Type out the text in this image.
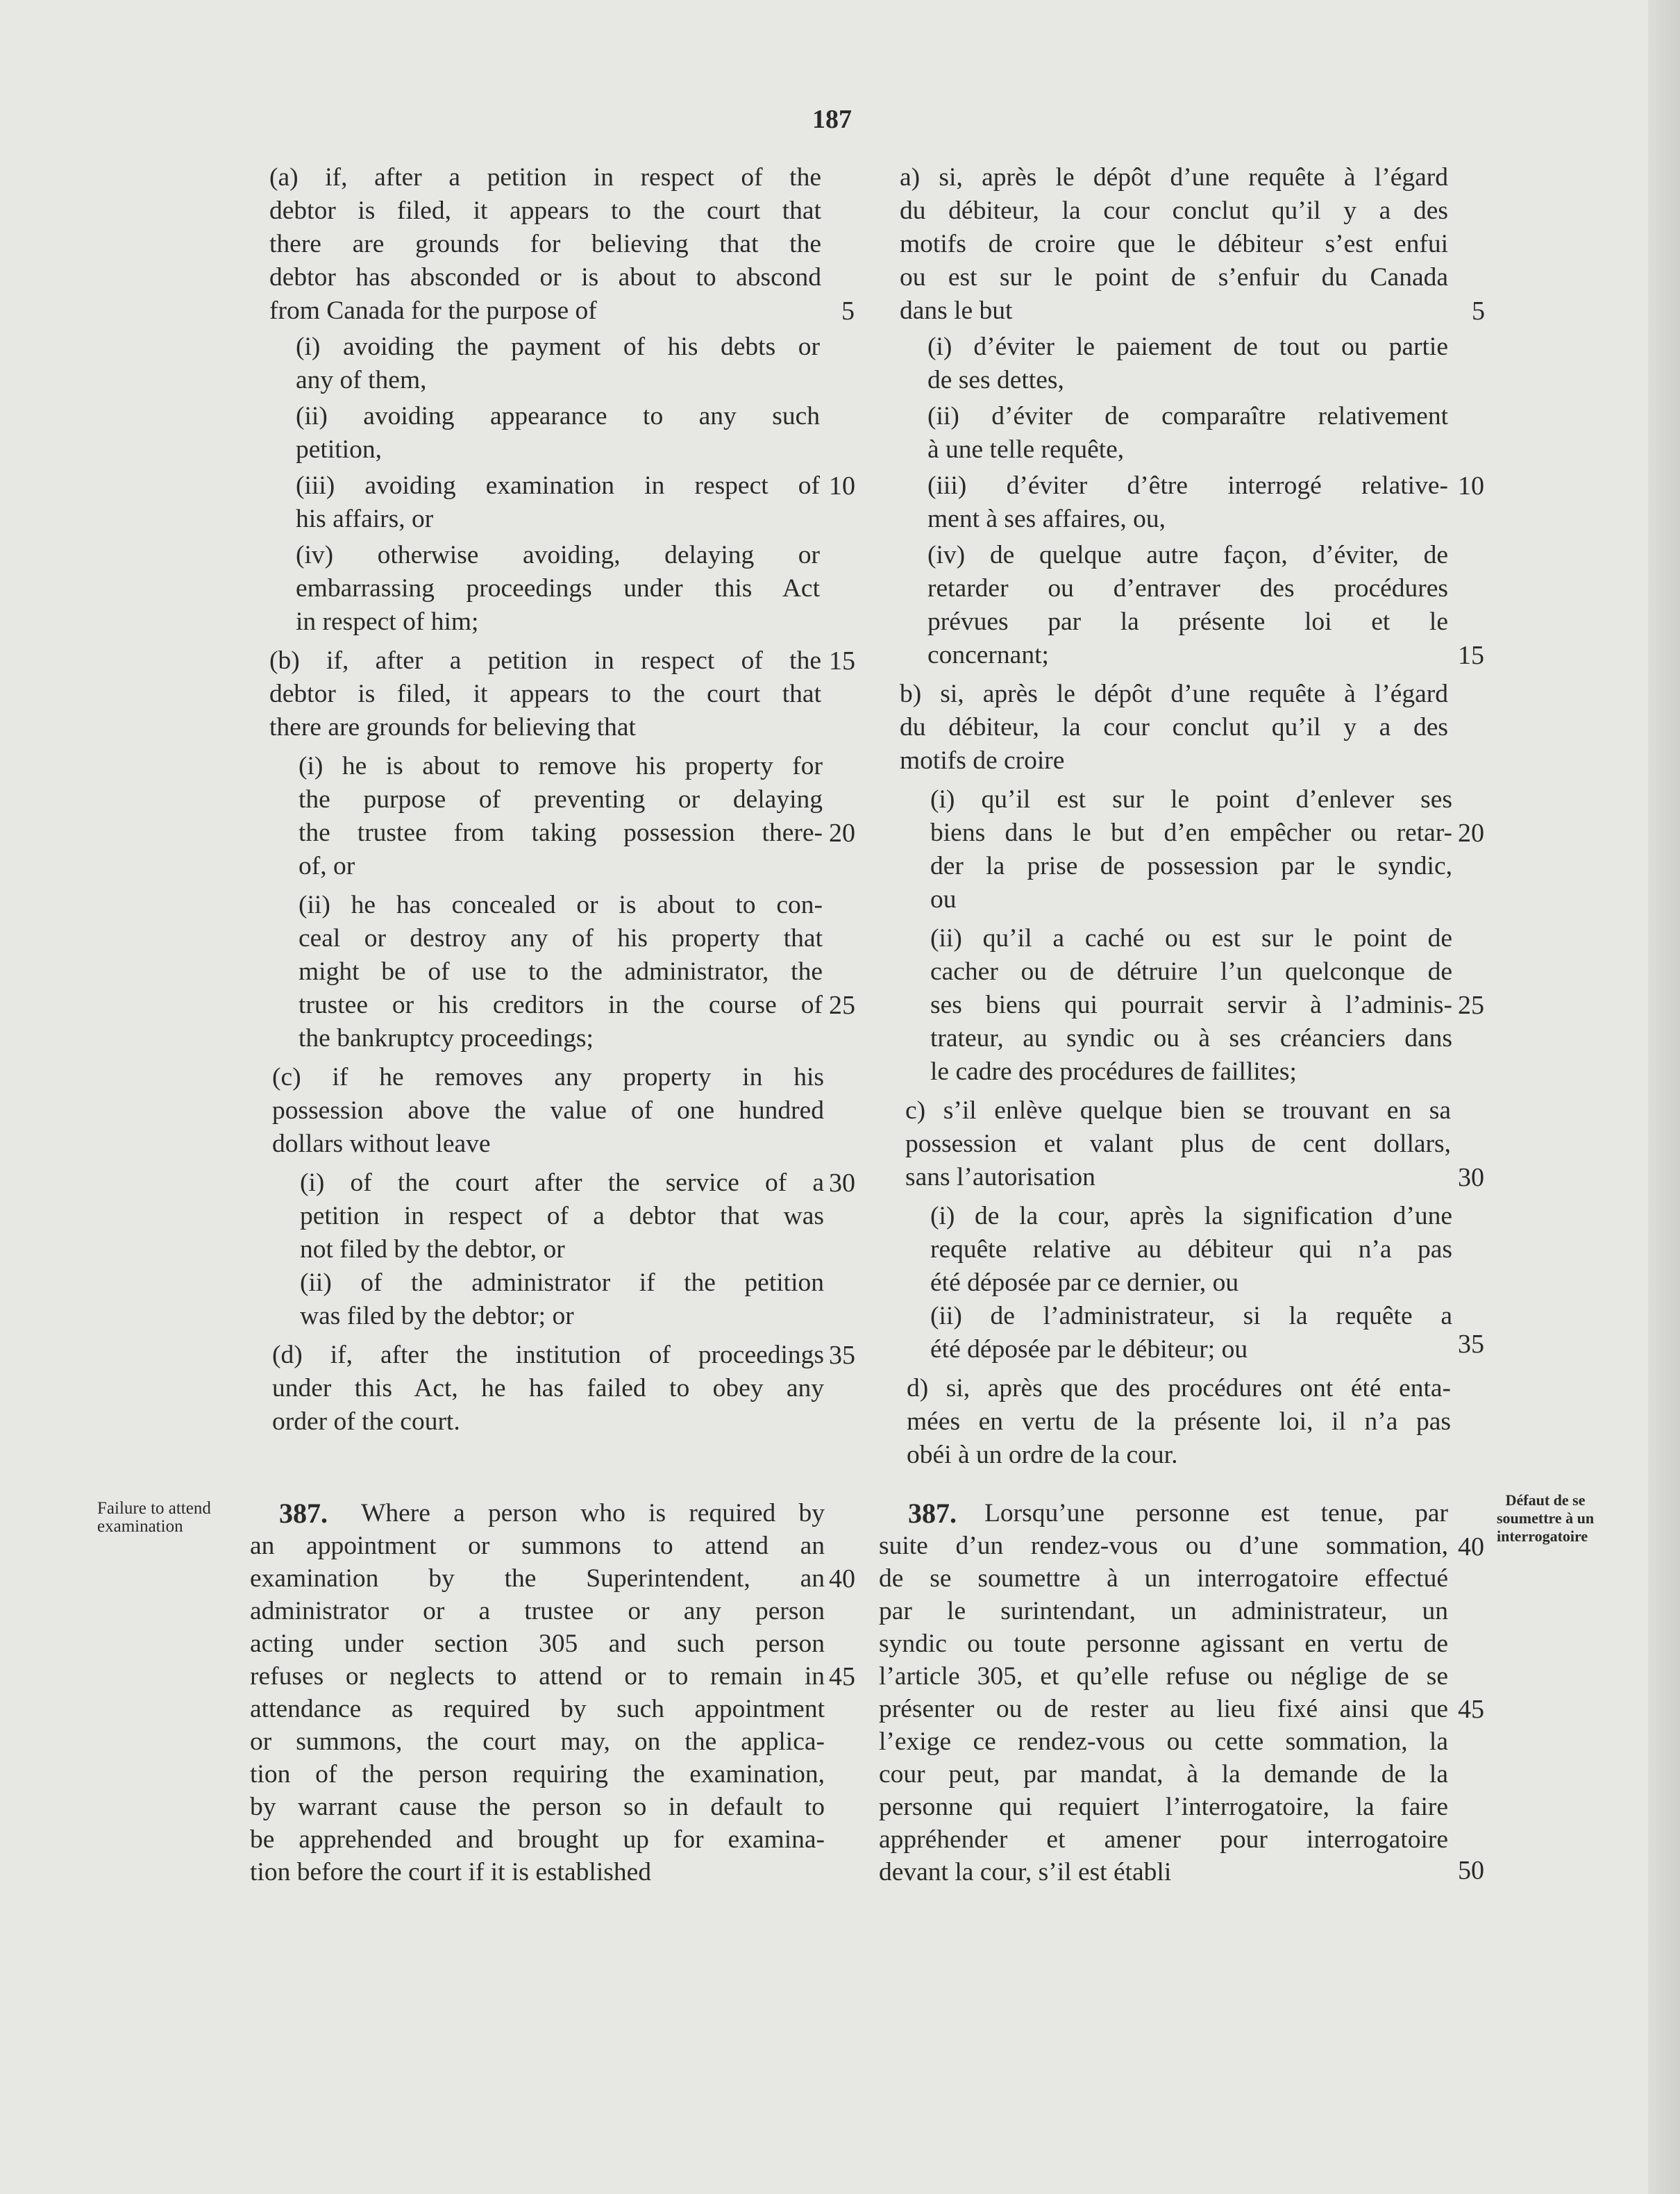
187
(a) if, after a petition in respect of the
debtor is filed, it appears to the court that
there are grounds for believing that the
debtor has absconded or is about to abscond
from Canada for the purpose of
(i) avoiding the payment of his debts or
any of them,
(ii) avoiding appearance to any such
petition,
(iii) avoiding examination in respect of
his affairs, or
(iv) otherwise avoiding, delaying or
embarrassing proceedings under this Act
in respect of him;
(b) if, after a petition in respect of the
debtor is filed, it appears to the court that
there are grounds for believing that
(i) he is about to remove his property for
the purpose of preventing or delaying
the trustee from taking possession there-
of, or
(ii) he has concealed or is about to con-
ceal or destroy any of his property that
might be of use to the administrator, the
trustee or his creditors in the course of
the bankruptcy proceedings;
(c) if he removes any property in his
possession above the value of one hundred
dollars without leave
(i) of the court after the service of a
petition in respect of a debtor that was
not filed by the debtor, or
(ii) of the administrator if the petition
was filed by the debtor; or
(d) if, after the institution of proceedings
under this Act, he has failed to obey any
order of the court.
387. Where a person who is required by
an appointment or summons to attend an
examination by the Superintendent, an
administrator or a trustee or any person
acting under section 305 and such person
refuses or neglects to attend or to remain in
attendance as required by such appointment
or summons, the court may, on the applica-
tion of the person requiring the examination,
by warrant cause the person so in default to
be apprehended and brought up for examina-
tion before the court if it is established
a) si, après le dépôt d’une requête à l’égard
du débiteur, la cour conclut qu’il y a des
motifs de croire que le débiteur s’est enfui
ou est sur le point de s’enfuir du Canada
dans le but
(i) d’éviter le paiement de tout ou partie
de ses dettes,
(ii) d’éviter de comparaître relativement
à une telle requête,
(iii) d’éviter d’être interrogé relative-
ment à ses affaires, ou,
(iv) de quelque autre façon, d’éviter, de
retarder ou d’entraver des procédures
prévues par la présente loi et le
concernant;
b) si, après le dépôt d’une requête à l’égard
du débiteur, la cour conclut qu’il y a des
motifs de croire
(i) qu’il est sur le point d’enlever ses
biens dans le but d’en empêcher ou retar-
der la prise de possession par le syndic,
ou
(ii) qu’il a caché ou est sur le point de
cacher ou de détruire l’un quelconque de
ses biens qui pourrait servir à l’adminis-
trateur, au syndic ou à ses créanciers dans
le cadre des procédures de faillites;
c) s’il enlève quelque bien se trouvant en sa
possession et valant plus de cent dollars,
sans l’autorisation
(i) de la cour, après la signification d’une
requête relative au débiteur qui n’a pas
été déposée par ce dernier, ou
(ii) de l’administrateur, si la requête a
été déposée par le débiteur; ou
d) si, après que des procédures ont été enta-
mées en vertu de la présente loi, il n’a pas
obéi à un ordre de la cour.
387. Lorsqu’une personne est tenue, par
suite d’un rendez-vous ou d’une sommation,
de se soumettre à un interrogatoire effectué
par le surintendant, un administrateur, un
syndic ou toute personne agissant en vertu de
l’article 305, et qu’elle refuse ou néglige de se
présenter ou de rester au lieu fixé ainsi que
l’exige ce rendez-vous ou cette sommation, la
cour peut, par mandat, à la demande de la
personne qui requiert l’interrogatoire, la faire
appréhender et amener pour interrogatoire
devant la cour, s’il est établi
5
10
15
20
25
30
35
40
45
5
10
15
20
25
30
35
40
45
50
Failure to attend
examination
Défaut de se
soumettre à un
interrogatoire
